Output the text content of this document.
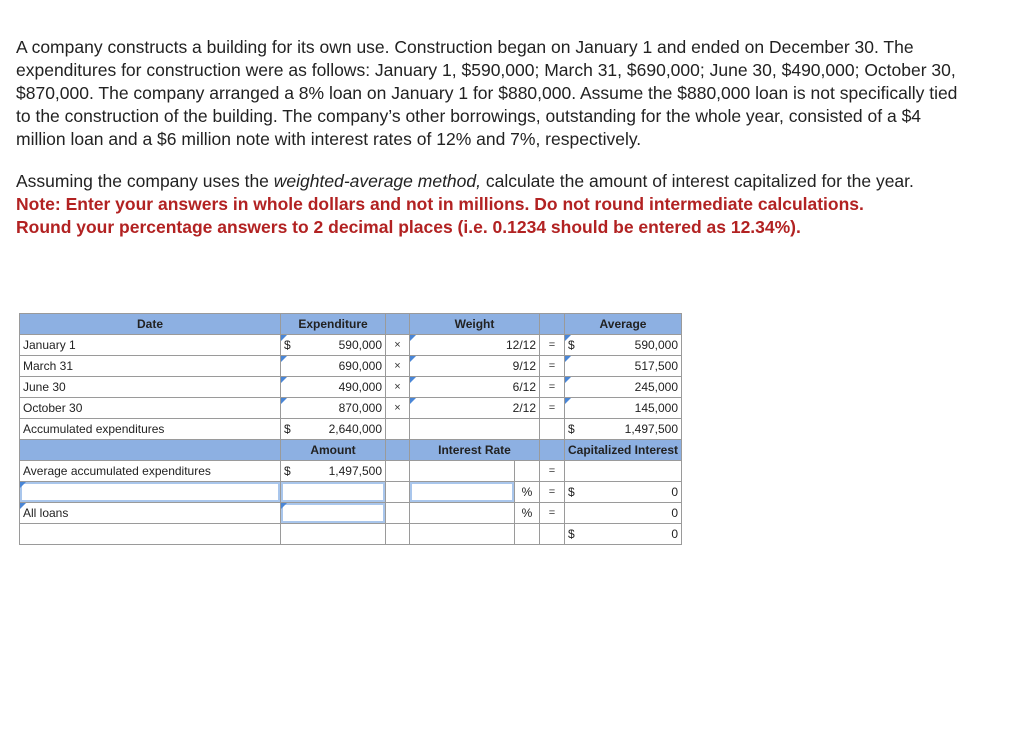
A company constructs a building for its own use. Construction began on January 1 and ended on December 30. The expenditures for construction were as follows: January 1, $590,000; March 31, $690,000; June 30, $490,000; October 30, $870,000. The company arranged a 8% loan on January 1 for $880,000. Assume the $880,000 loan is not specifically tied to the construction of the building. The company’s other borrowings, outstanding for the whole year, consisted of a $4 million loan and a $6 million note with interest rates of 12% and 7%, respectively.

Assuming the company uses the weighted-average method, calculate the amount of interest capitalized for the year.

Note: Enter your answers in whole dollars and not in millions. Do not round intermediate calculations.

Round your percentage answers to 2 decimal places (i.e. 0.1234 should be entered as 12.34%).

Date	Expenditure		Weight			Average
January 1	$ 590,000	×	12/12		=	$ 590,000

March 31	690,000	×	9/12		=	517,500
June 30	490,000	×	6/12		=	245,000
October 30	870,000	×	2/12		=	145,000
Accumulated expenditures	$ 2,640,000					$ 1,497,500

	Amount		Interest Rate			Capitalized Interest
Average accumulated expenditures	$ 1,497,500				=	
				%	=	$ 0

All loans				%	=	0

						$ 0
